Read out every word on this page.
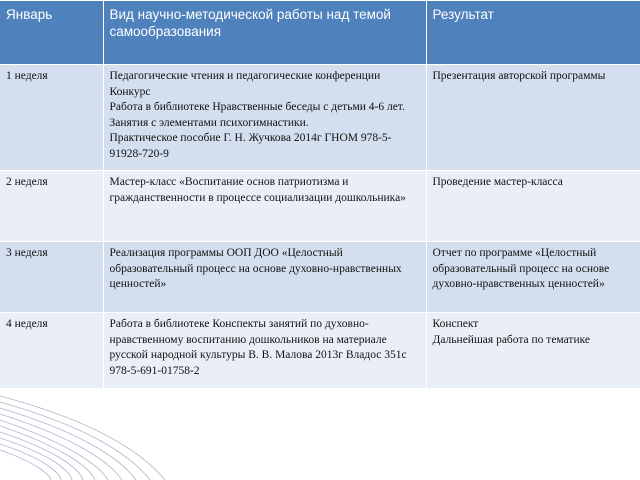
Январь	Вид научно-методической работы над темой самообразования	Результат
1 неделя	Педагогические чтения и педагогические конференции
Конкурс
Работа в библиотеке Нравственные беседы с детьми 4-6 лет. Занятия с элементами психогимнастики.
Практическое пособие Г. Н. Жучкова 2014г ГНОМ 978-5-91928-720-9	Презентация авторской программы

2 неделя	Мастер-класс «Воспитание основ патриотизма и гражданственности в процессе социализации дошкольника»	Проведение мастер-класса

3 неделя	Реализация программы ООП ДОО «Целостный образовательный процесс на основе духовно-нравственных ценностей»	Отчет по программе «Целостный образовательный процесс на основе духовно-нравственных ценностей»

4 неделя	Работа в библиотеке Конспекты занятий по духовно-нравственному воспитанию дошкольников на материале русской народной культуры В. В. Малова 2013г Владос 351с 978-5-691-01758-2	Конспект
Дальнейшая работа по тематике
